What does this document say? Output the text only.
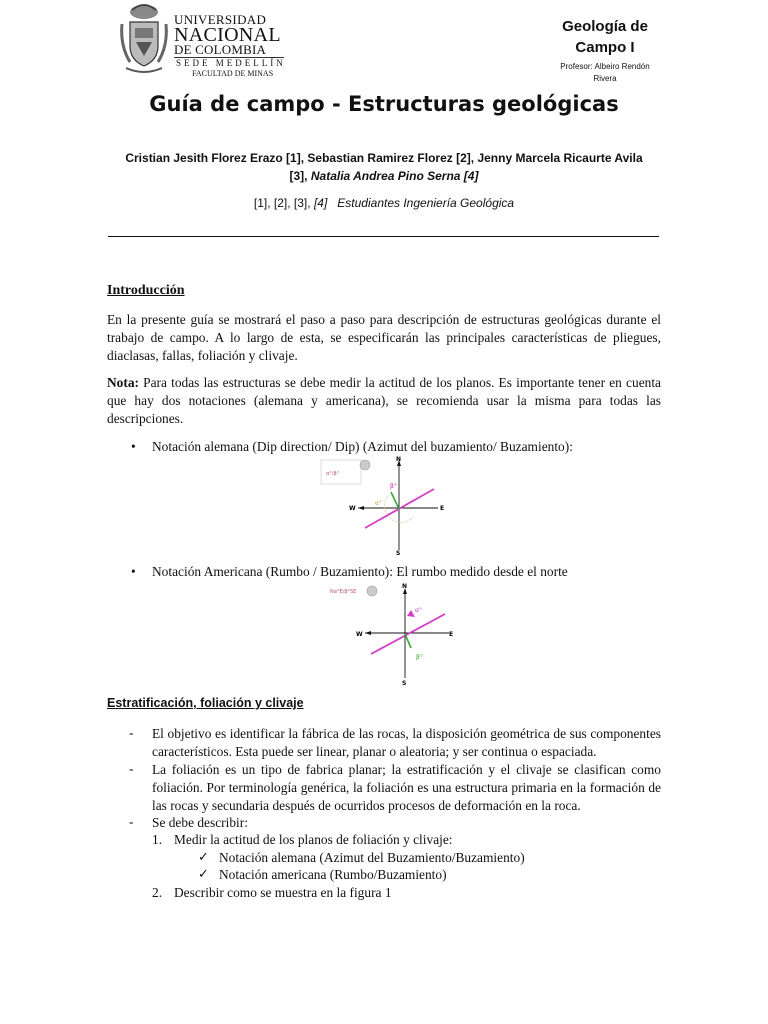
UNIVERSIDAD
NACIONAL
DE COLOMBIA
SEDE MEDELLÍN
FACULTAD DE MINAS
Geología de
Campo I
Profesor: Albeiro Rendón
Rivera
Guía de campo - Estructuras geológicas
Cristian Jesith Florez Erazo [1], Sebastian Ramirez Florez [2], Jenny Marcela Ricaurte Avila
[3], Natalia Andrea Pino Serna [4]
[1], [2], [3], [4] Estudiantes Ingeniería Geológica
Introducción
En la presente guía se mostrará el paso a paso para descripción de estructuras geológicas durante el trabajo de campo. A lo largo de esta, se especificarán las principales características de pliegues, diaclasas, fallas, foliación y clivaje.
Nota: Para todas las estructuras se debe medir la actitud de los planos. Es importante tener en cuenta que hay dos notaciones (alemana y americana), se recomienda usar la misma para todas las descripciones.
• Notación alemana (Dip direction/ Dip) (Azimut del buzamiento/ Buzamiento):
α°/β°
N
S
E
W
β°
α°
• Notación Americana (Rumbo / Buzamiento): El rumbo medido desde el norte
Nα°E/β°SE
N
S
E
W
α°
β°
Estratificación, foliación y clivaje
- El objetivo es identificar la fábrica de las rocas, la disposición geométrica de sus componentes característicos. Esta puede ser linear, planar o aleatoria; y ser continua o espaciada.
- La foliación es un tipo de fabrica planar; la estratificación y el clivaje se clasifican como foliación. Por terminología genérica, la foliación es una estructura primaria en la formación de las rocas y secundaria después de ocurridos procesos de deformación en la roca.
- Se debe describir:
1. Medir la actitud de los planos de foliación y clivaje:
✓ Notación alemana (Azimut del Buzamiento/Buzamiento)
✓ Notación americana (Rumbo/Buzamiento)
2. Describir como se muestra en la figura 1
